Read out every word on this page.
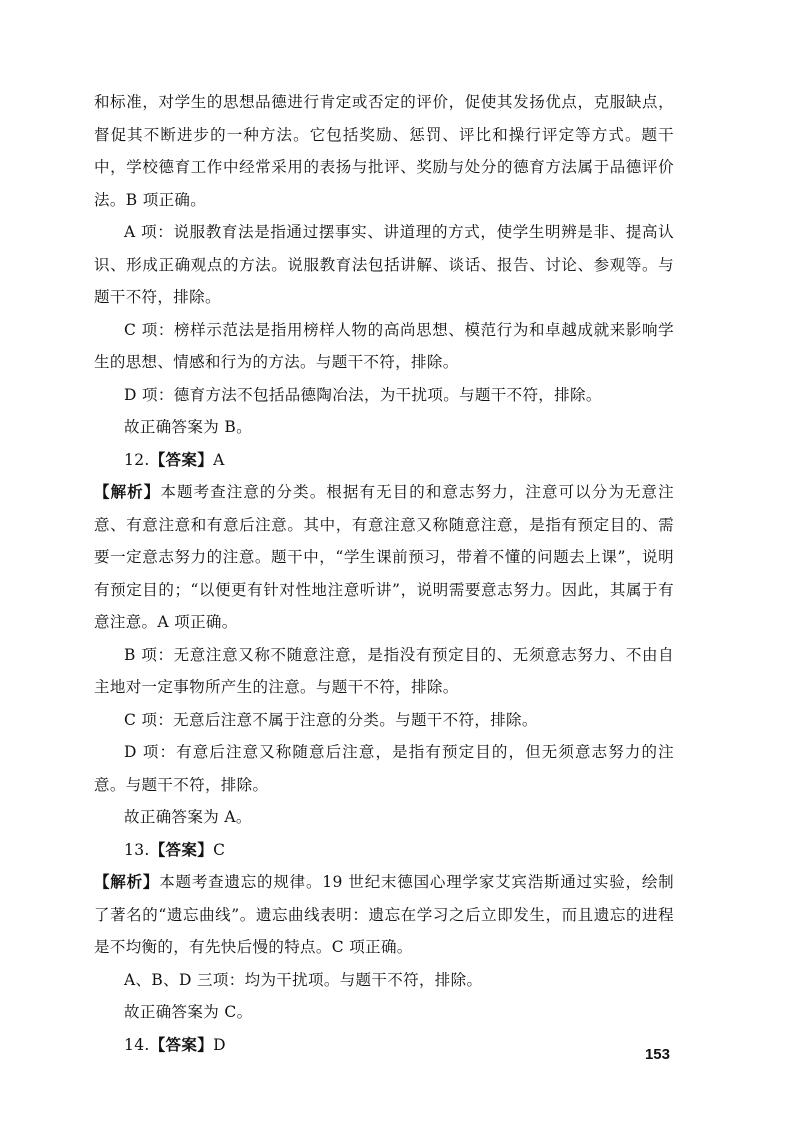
和标准，对学生的思想品德进行肯定或否定的评价，促使其发扬优点，克服缺点，督促其不断进步的一种方法。它包括奖励、惩罚、评比和操行评定等方式。题干中，学校德育工作中经常采用的表扬与批评、奖励与处分的德育方法属于品德评价法。B 项正确。

A 项：说服教育法是指通过摆事实、讲道理的方式，使学生明辨是非、提高认识、形成正确观点的方法。说服教育法包括讲解、谈话、报告、讨论、参观等。与题干不符，排除。

C 项：榜样示范法是指用榜样人物的高尚思想、模范行为和卓越成就来影响学生的思想、情感和行为的方法。与题干不符，排除。

D 项：德育方法不包括品德陶冶法，为干扰项。与题干不符，排除。

故正确答案为 B。

12.【答案】A

【解析】本题考查注意的分类。根据有无目的和意志努力，注意可以分为无意注意、有意注意和有意后注意。其中，有意注意又称随意注意，是指有预定目的、需要一定意志努力的注意。题干中，“学生课前预习，带着不懂的问题去上课”，说明有预定目的；“以便更有针对性地注意听讲”，说明需要意志努力。因此，其属于有意注意。A 项正确。

B 项：无意注意又称不随意注意，是指没有预定目的、无须意志努力、不由自主地对一定事物所产生的注意。与题干不符，排除。

C 项：无意后注意不属于注意的分类。与题干不符，排除。

D 项：有意后注意又称随意后注意，是指有预定目的，但无须意志努力的注意。与题干不符，排除。

故正确答案为 A。

13.【答案】C

【解析】本题考查遗忘的规律。19 世纪末德国心理学家艾宾浩斯通过实验，绘制了著名的“遗忘曲线”。遗忘曲线表明：遗忘在学习之后立即发生，而且遗忘的进程是不均衡的，有先快后慢的特点。C 项正确。

A、B、D 三项：均为干扰项。与题干不符，排除。

故正确答案为 C。

14.【答案】D

153
